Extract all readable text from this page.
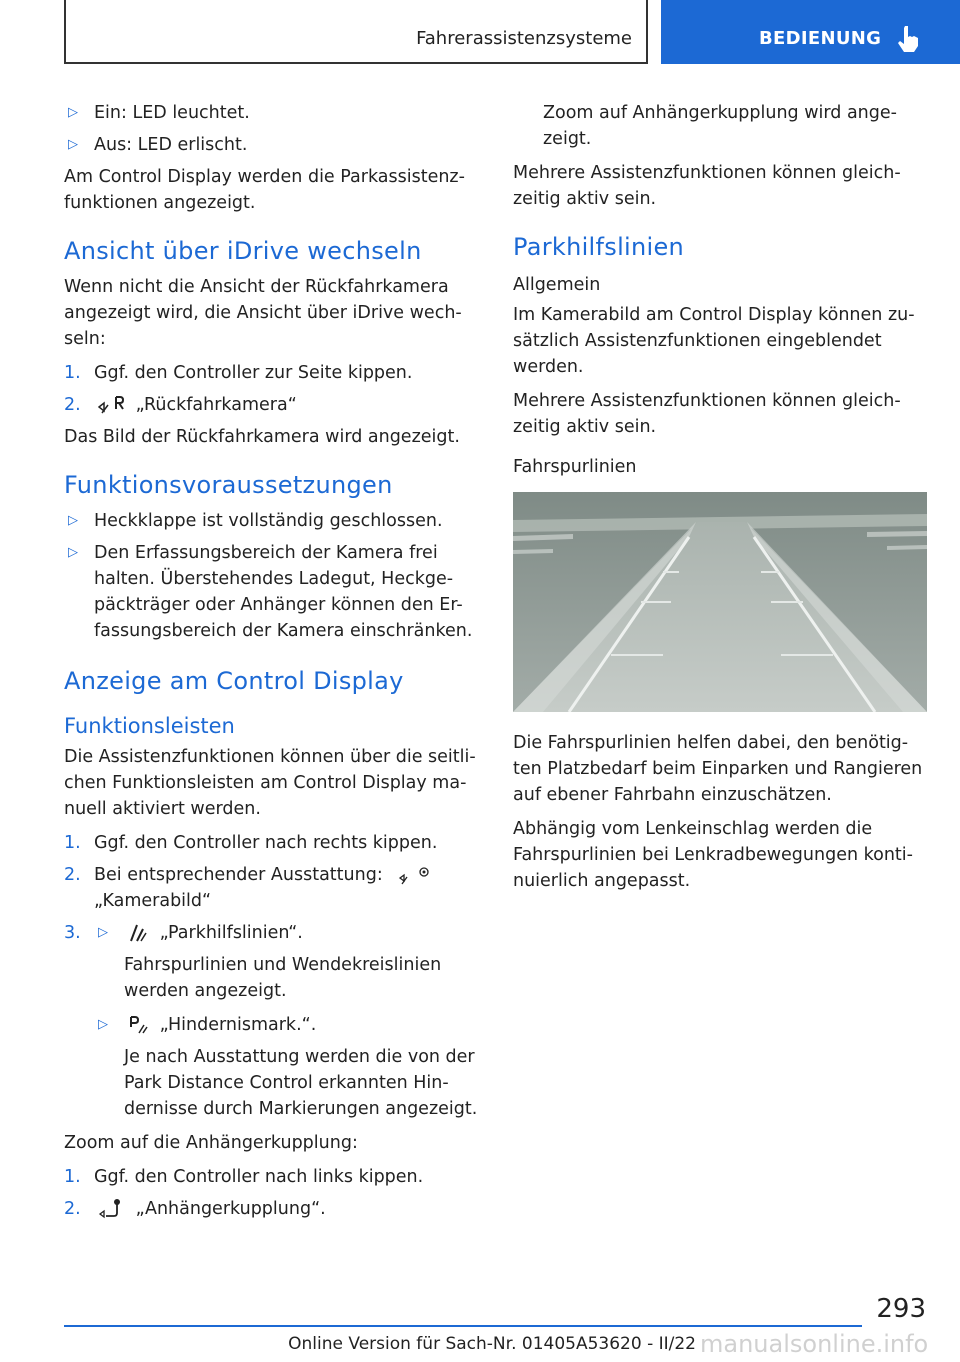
Fahrerassistenzsysteme	BEDIENUNG
▷ Ein: LED leuchtet.
▷ Aus: LED erlischt.

Am Control Display werden die Parkassistenz-funktionen angezeigt.

Ansicht über iDrive wechseln

Wenn nicht die Ansicht der Rückfahrkamera angezeigt wird, die Ansicht über iDrive wech-seln:

1. Ggf. den Controller zur Seite kippen.
2.	„Rückfahrkamera“

Das Bild der Rückfahrkamera wird angezeigt.

Funktionsvoraussetzungen
▷ Heckklappe ist vollständig geschlossen.
▷ Den Erfassungsbereich der Kamera frei halten. Überstehendes Ladegut, Heckge-päckträger oder Anhänger können den Er-fassungsbereich der Kamera einschränken.
Anzeige am Control Display
Funktionsleisten

Die Assistenzfunktionen können über die seitli-chen Funktionsleisten am Control Display ma-nuell aktiviert werden.

1. Ggf. den Controller nach rechts kippen.
2. Bei entsprechender Ausstattung:

„Kamerabild“
3. ▷	„Parkhilfslinien“.

Fahrspurlinien und Wendekreislinien werden angezeigt.

▷	„Hindernismark.“.

Je nach Ausstattung werden die von der Park Distance Control erkannten Hin-dernisse durch Markierungen angezeigt.

Zoom auf die Anhängerkupplung:

1. Ggf. den Controller nach links kippen.
2.	„Anhängerkupplung“.

Zoom auf Anhängerkupplung wird ange-zeigt.

Mehrere Assistenzfunktionen können gleich-zeitig aktiv sein.

Parkhilfslinien
Allgemein

Im Kamerabild am Control Display können zu-sätzlich Assistenzfunktionen eingeblendet werden.

Mehrere Assistenzfunktionen können gleich-zeitig aktiv sein.

Fahrspurlinien

Die Fahrspurlinien helfen dabei, den benötig-ten Platzbedarf beim Einparken und Rangieren auf ebener Fahrbahn einzuschätzen.

Abhängig vom Lenkeinschlag werden die Fahrspurlinien bei Lenkradbewegungen konti-nuierlich angepasst.

293
Online Version für Sach-Nr. 01405A53620 - II/22 manualsonline.info
